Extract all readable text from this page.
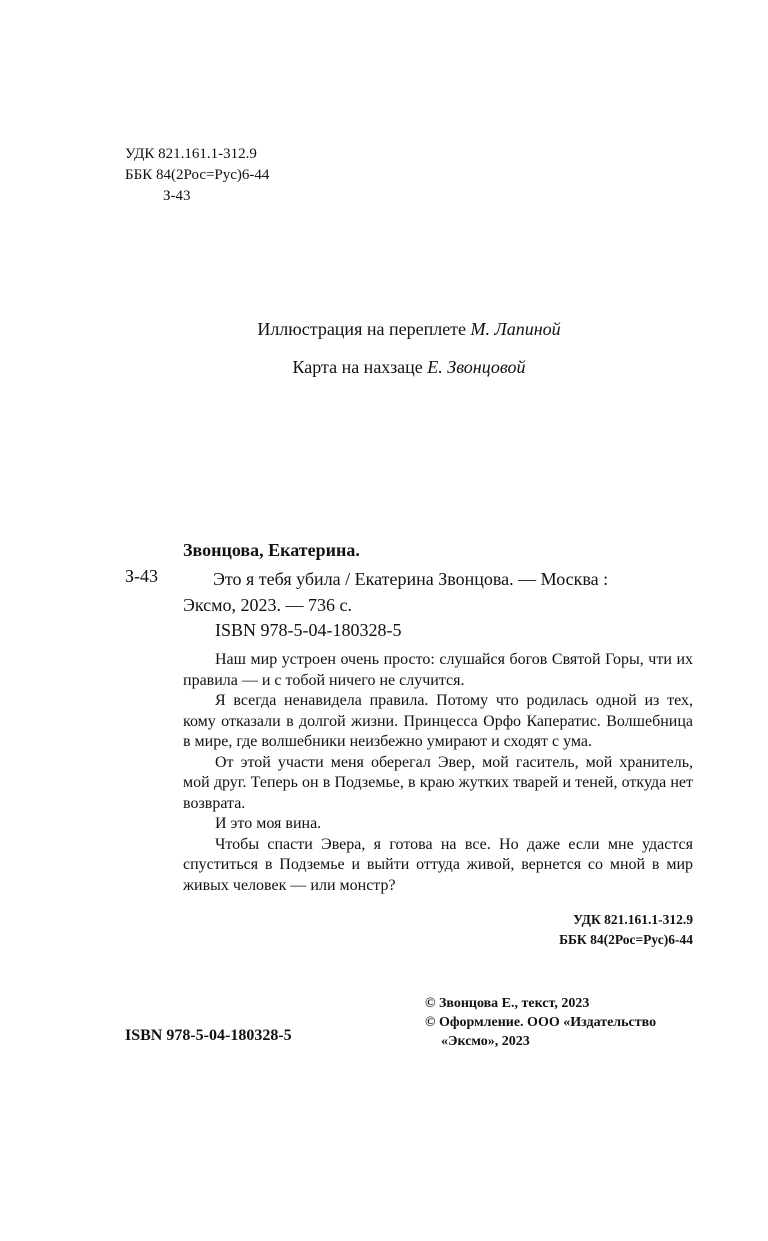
УДК 821.161.1-312.9
ББК 84(2Рос=Рус)6-44
З-43
Иллюстрация на переплете М. Лапиной
Карта на нахзаце Е. Звонцовой
Звонцова, Екатерина.
З-43	Это я тебя убила / Екатерина Звонцова. — Москва :
Эксмо, 2023. — 736 с.
ISBN 978-5-04-180328-5

Наш мир устроен очень просто: слушайся богов Святой Горы, чти их правила — и с тобой ничего не случится.

Я всегда ненавидела правила. Потому что родилась одной из тех, кому отказали в долгой жизни. Принцесса Орфо Каператис. Волшебница в мире, где волшебники неизбежно умирают и сходят с ума.

От этой участи меня оберегал Эвер, мой гаситель, мой хранитель, мой друг. Теперь он в Подземье, в краю жутких тварей и теней, откуда нет возврата.

И это моя вина.

Чтобы спасти Эвера, я готова на все. Но даже если мне удастся спуститься в Подземье и выйти оттуда живой, вернется со мной в мир живых человек — или монстр?

УДК 821.161.1-312.9
ББК 84(2Рос=Рус)6-44
ISBN 978-5-04-180328-5
© Звонцова Е., текст, 2023
© Оформление. ООО «Издательство
«Эксмо», 2023
